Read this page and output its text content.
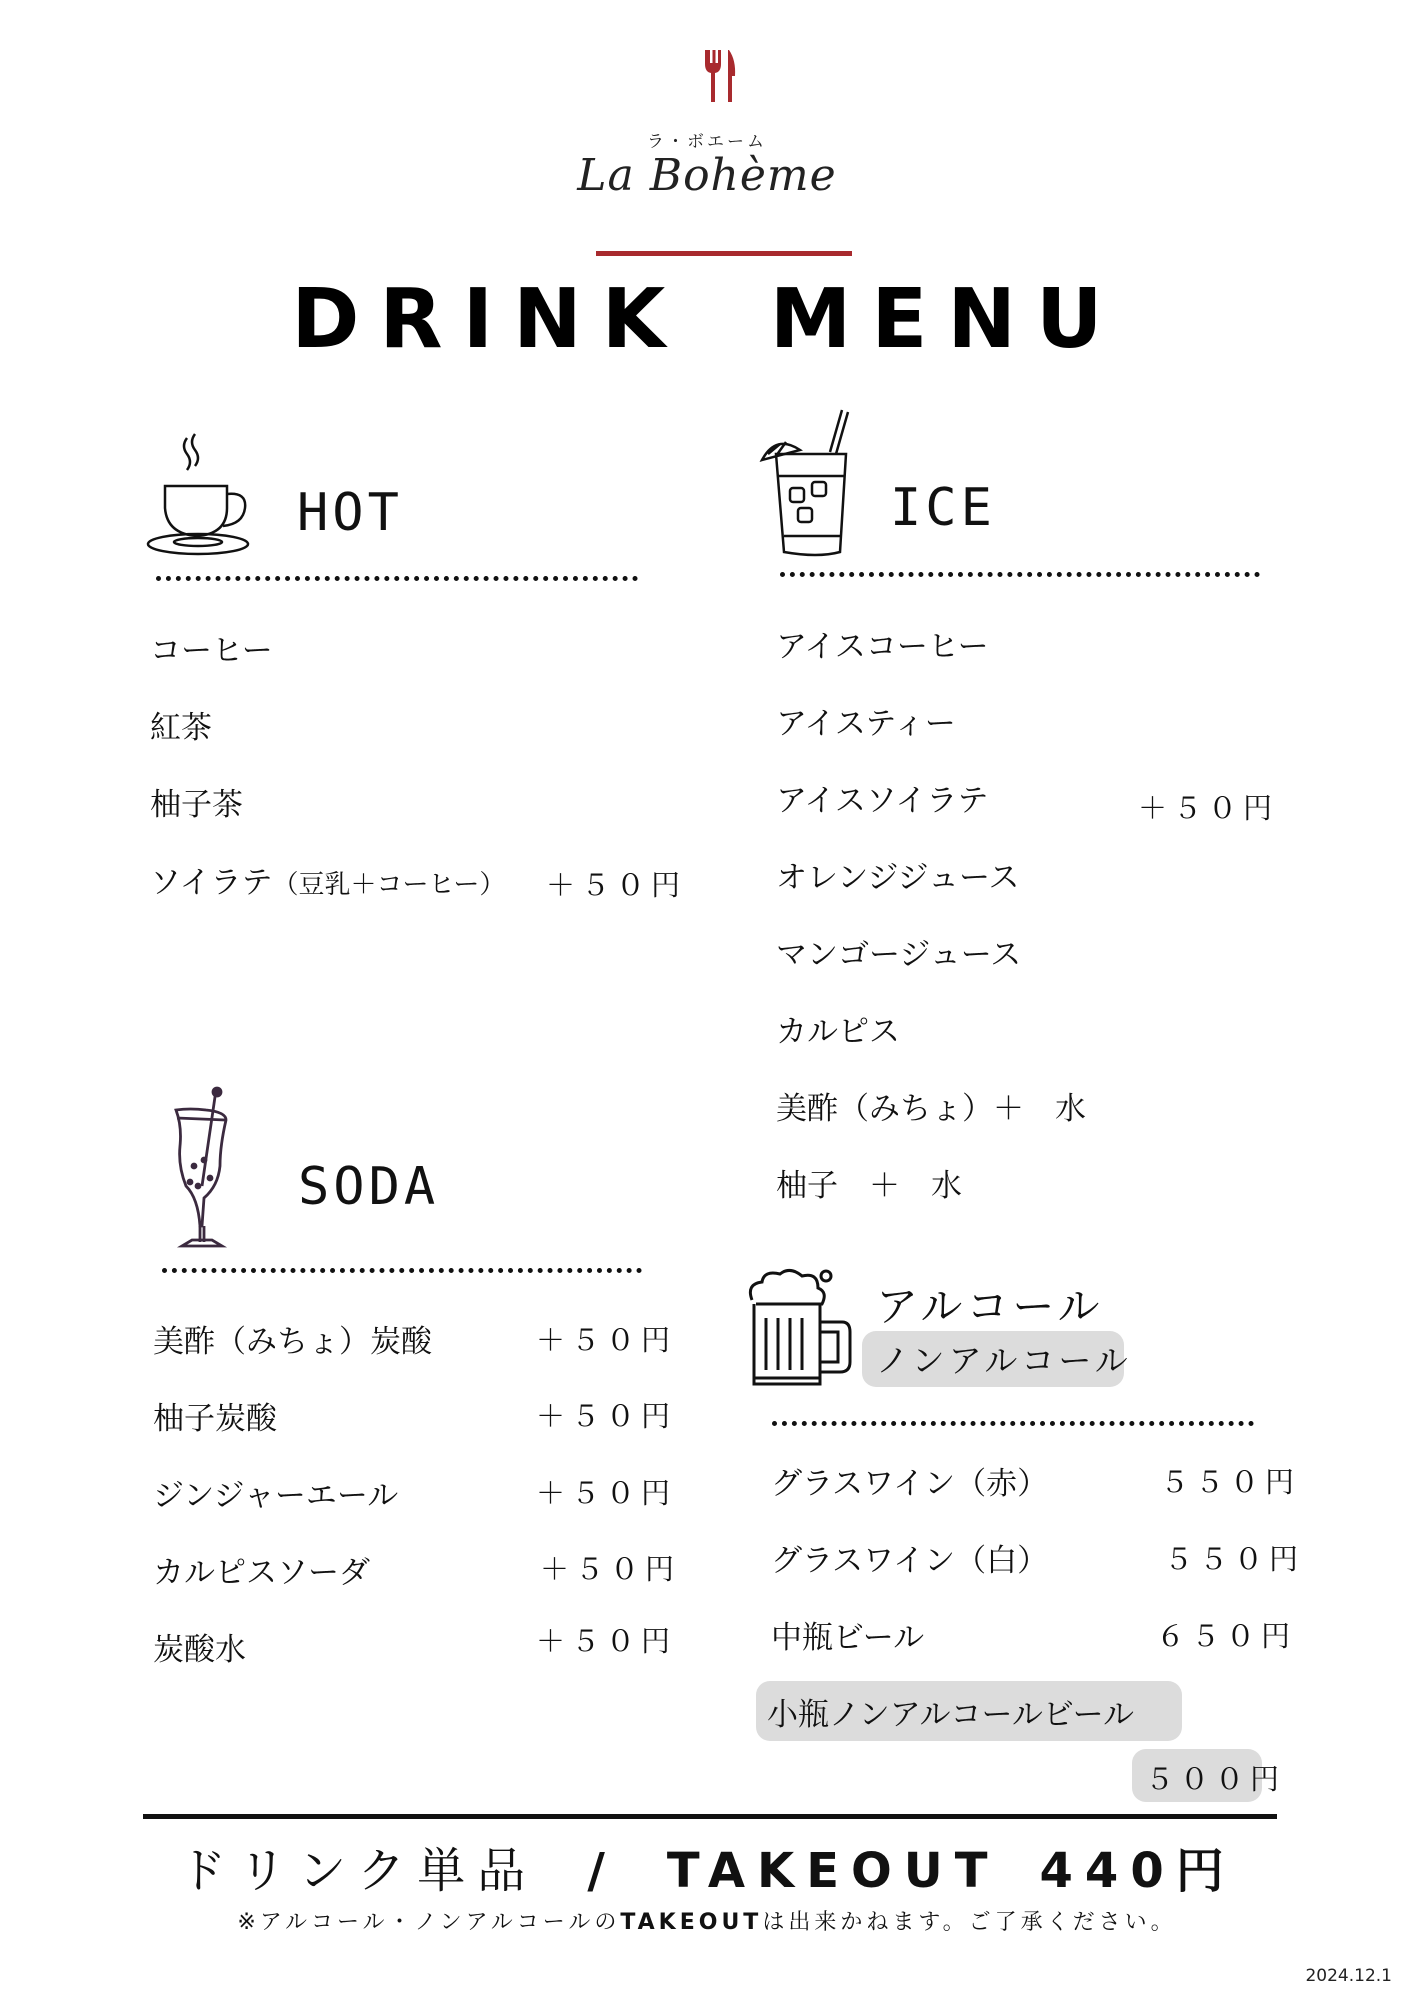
ラ・ボエーム
La Bohème
DRINK MENU
HOT
コーヒー
紅茶
柚子茶
ソイラテ（豆乳＋コーヒー） ＋５０円
SODA
美酢（みちょ）炭酸	＋５０円
柚子炭酸	＋５０円
ジンジャーエール	＋５０円
カルピスソーダ	＋５０円
炭酸水	＋５０円
ICE
アイスコーヒー
アイスティー
アイスソイラテ	＋５０円
オレンジジュース
マンゴージュース
カルピス
美酢（みちょ）＋　水
柚子　＋　水
アルコール
ノンアルコール
グラスワイン（赤）	５５０円
グラスワイン（白）	５５０円
中瓶ビール	６５０円
小瓶ノンアルコールビール
５００円
ドリンク単品 / TAKEOUT 440円
※アルコール・ノンアルコールのTAKEOUTは出来かねます。ご了承ください。
2024.12.1
